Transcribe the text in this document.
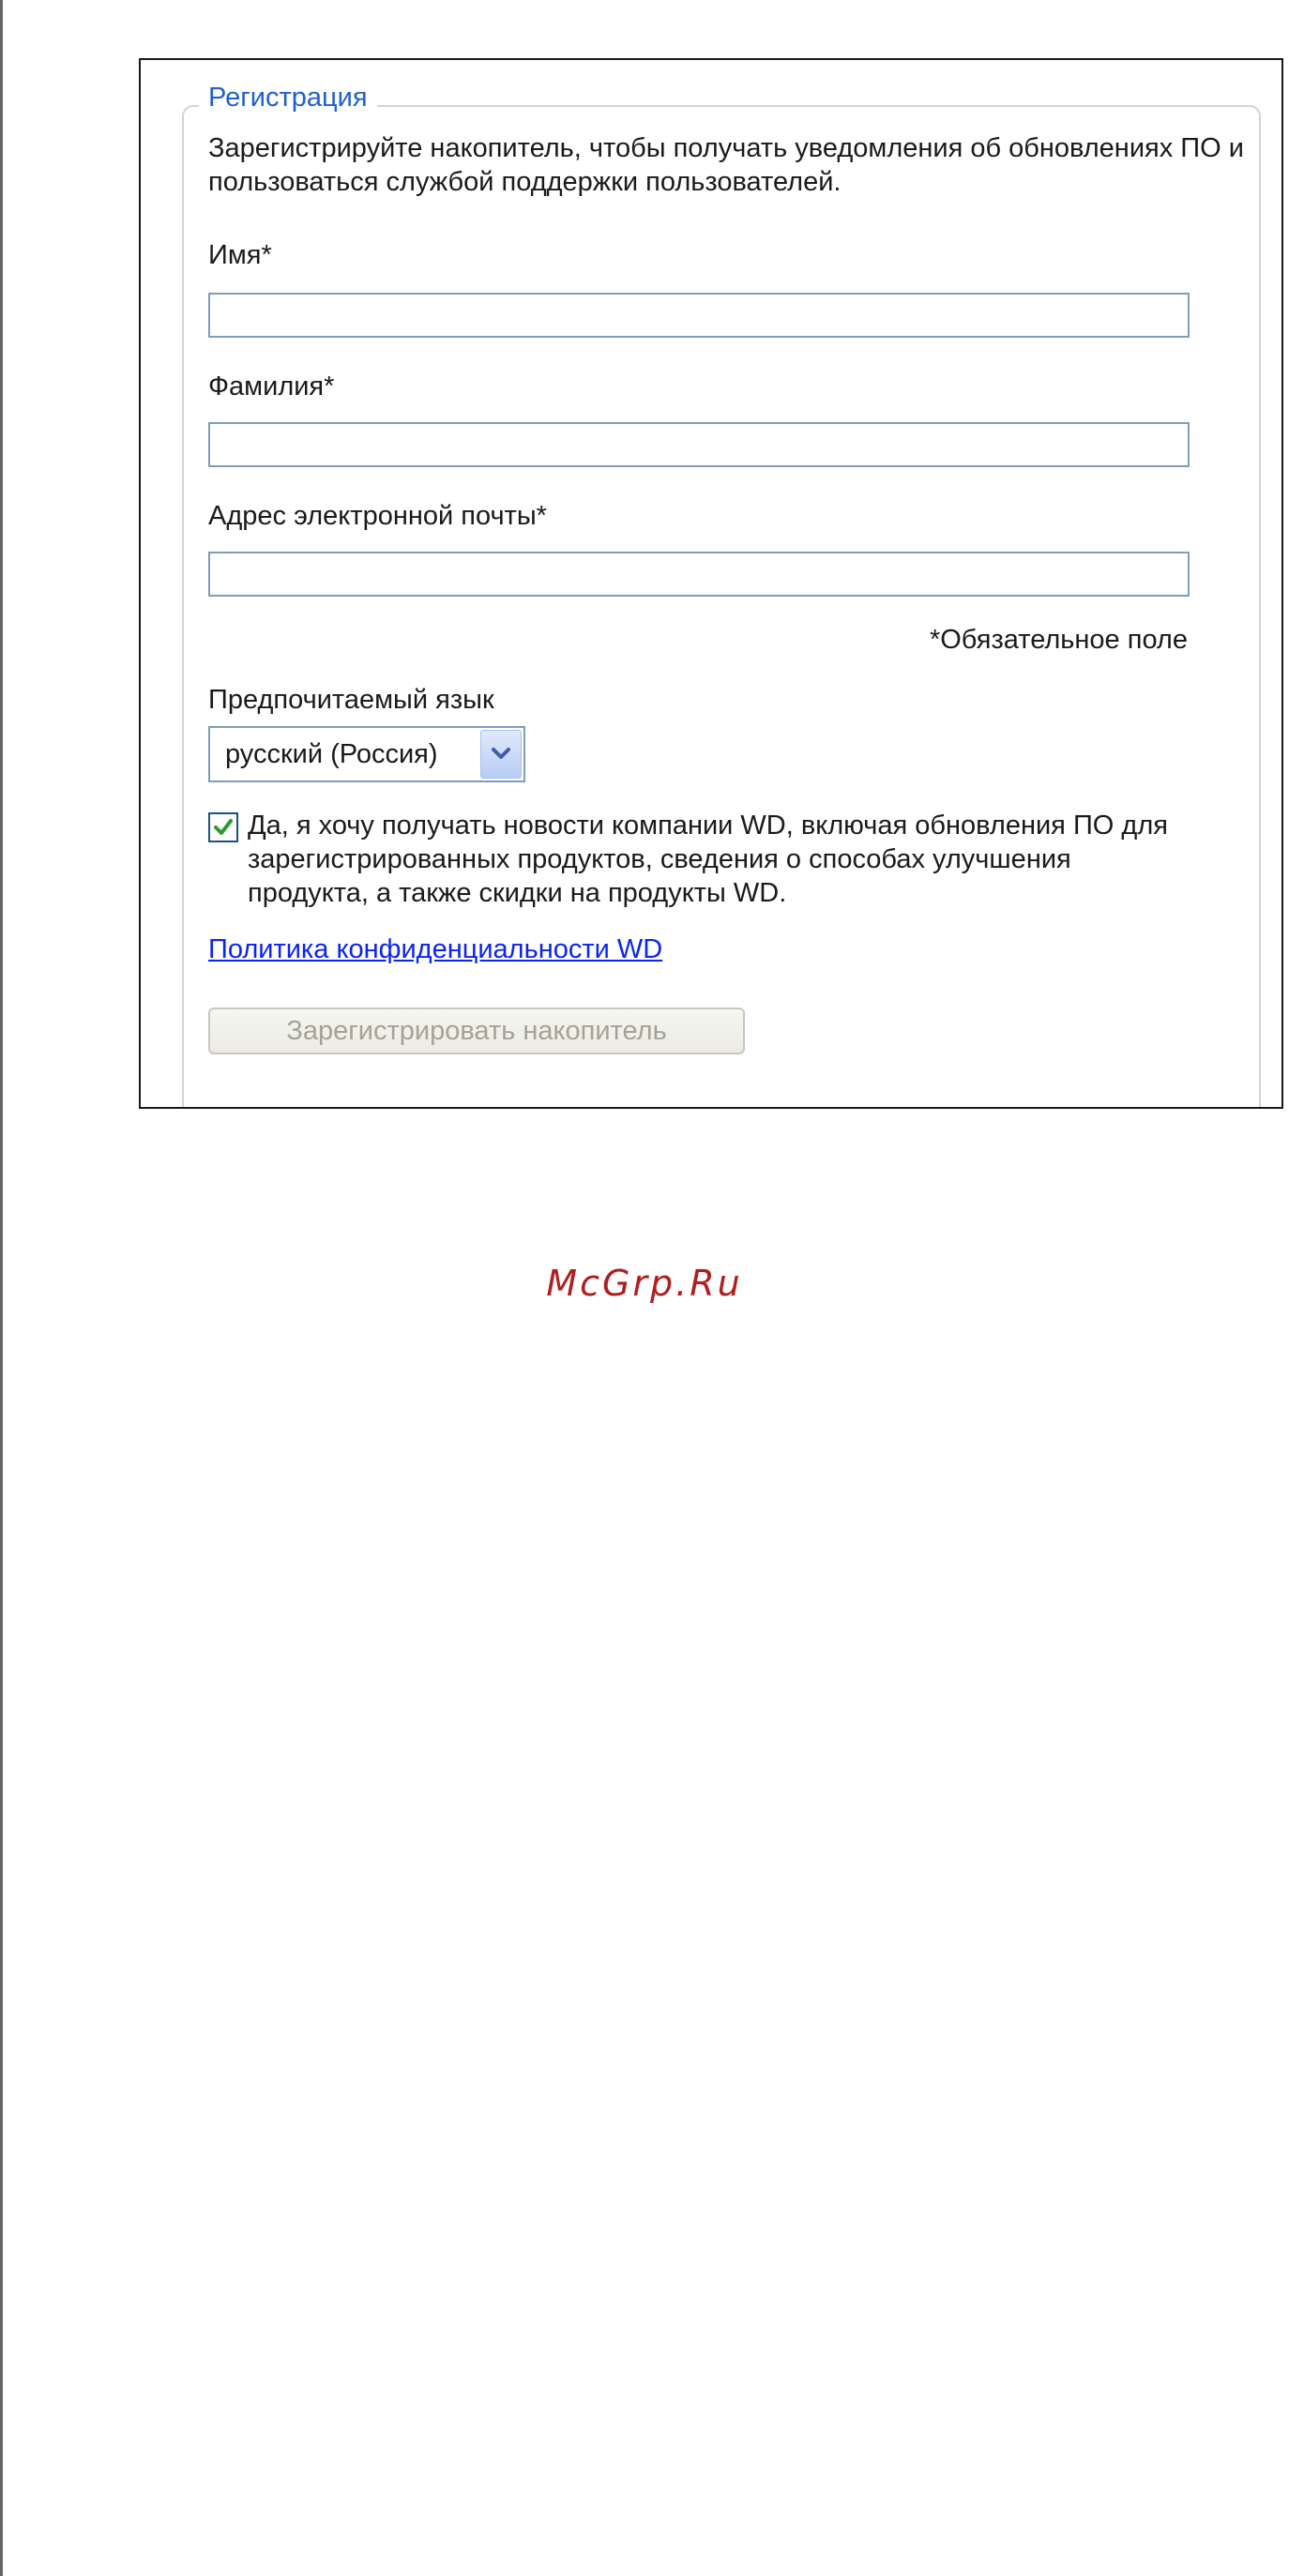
Регистрация
Зарегистрируйте накопитель, чтобы получать уведомления об обновлениях ПО и пользоваться службой поддержки пользователей.
Имя*
Фамилия*
Адрес электронной почты*
*Обязательное поле
Предпочитаемый язык
русский (Россия)
Да, я хочу получать новости компании WD, включая обновления ПО для зарегистрированных продуктов, сведения о способах улучшения продукта, а также скидки на продукты WD.
Политика конфиденциальности WD
Зарегистрировать накопитель
McGrp.Ru
